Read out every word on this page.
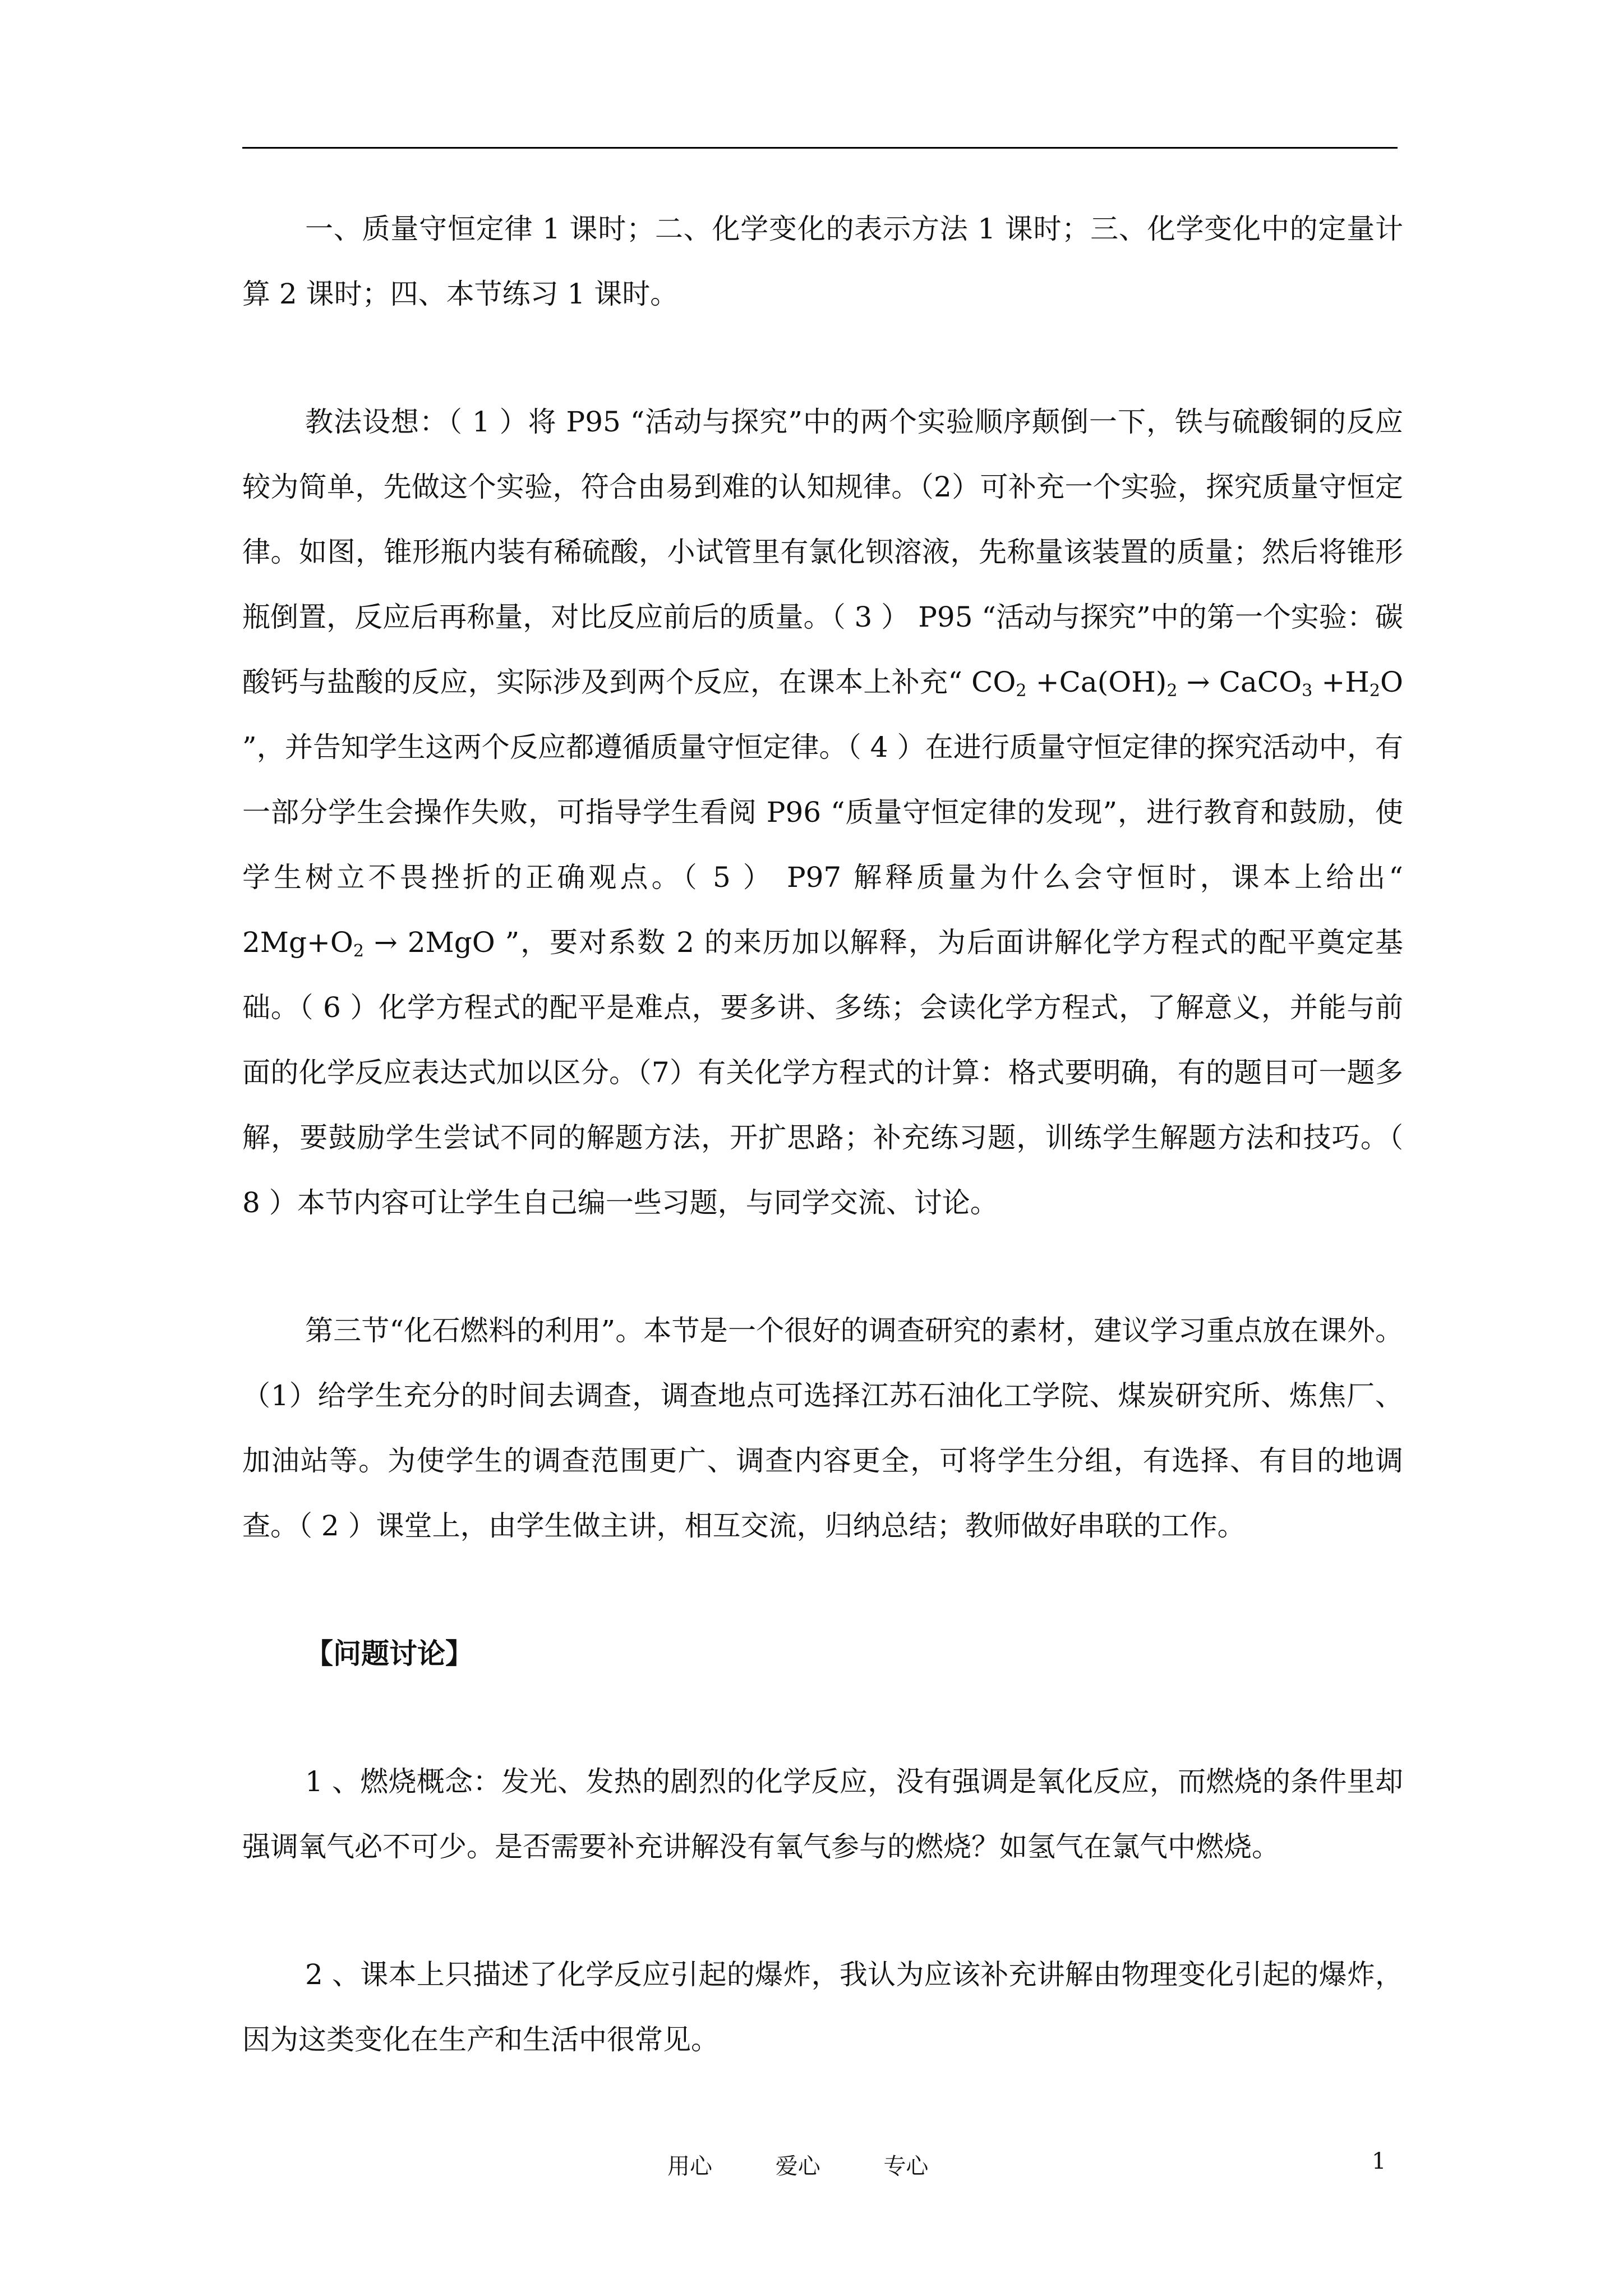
一、质量守恒定律 1 课时；二、化学变化的表示方法 1 课时；三、化学变化中的定量计算 2 课时；四、本节练习 1 课时。

教法设想：（ 1 ）将 P95 “活动与探究”中的两个实验顺序颠倒一下，铁与硫酸铜的反应较为简单，先做这个实验，符合由易到难的认知规律。（2）可补充一个实验，探究质量守恒定律。如图，锥形瓶内装有稀硫酸，小试管里有氯化钡溶液，先称量该装置的质量；然后将锥形瓶倒置，反应后再称量，对比反应前后的质量。（ 3 ） P95 “活动与探究”中的第一个实验：碳酸钙与盐酸的反应，实际涉及到两个反应，在课本上补充“ $CO_2 +Ca(OH)_2$ → CaCO$_3$ $+H_2O$ ”，并告知学生这两个反应都遵循质量守恒定律。（ 4 ）在进行质量守恒定律的探究活动中，有一部分学生会操作失败，可指导学生看阅 P96 “质量守恒定律的发现”，进行教育和鼓励，使学生树立不畏挫折的正确观点。（ 5 ） P97 解释质量为什么会守恒时，课本上给出“ $2Mg+O_2 \to 2MgO$ ”，要对系数 2 的来历加以解释，为后面讲解化学方程式的配平奠定基础。（ 6 ）化学方程式的配平是难点，要多讲、多练；会读化学方程式，了解意义，并能与前面的化学反应表达式加以区分。（7）有关化学方程式的计算：格式要明确，有的题目可一题多解，要鼓励学生尝试不同的解题方法，开扩思路；补充练习题，训练学生解题方法和技巧。（ 8 ）本节内容可让学生自己编一些习题，与同学交流、讨论。

第三节“化石燃料的利用”。本节是一个很好的调查研究的素材，建议学习重点放在课外。（1）给学生充分的时间去调查，调查地点可选择江苏石油化工学院、煤炭研究所、炼焦厂、加油站等。为使学生的调查范围更广、调查内容更全，可将学生分组，有选择、有目的地调查。（ 2 ）课堂上，由学生做主讲，相互交流，归纳总结；教师做好串联的工作。

【问题讨论】

1 、燃烧概念：发光、发热的剧烈的化学反应，没有强调是氧化反应，而燃烧的条件里却强调氧气必不可少。是否需要补充讲解没有氧气参与的燃烧？如氢气在氯气中燃烧。

2 、课本上只描述了化学反应引起的爆炸，我认为应该补充讲解由物理变化引起的爆炸，因为这类变化在生产和生活中很常见。

用心	爱心	专心	1
